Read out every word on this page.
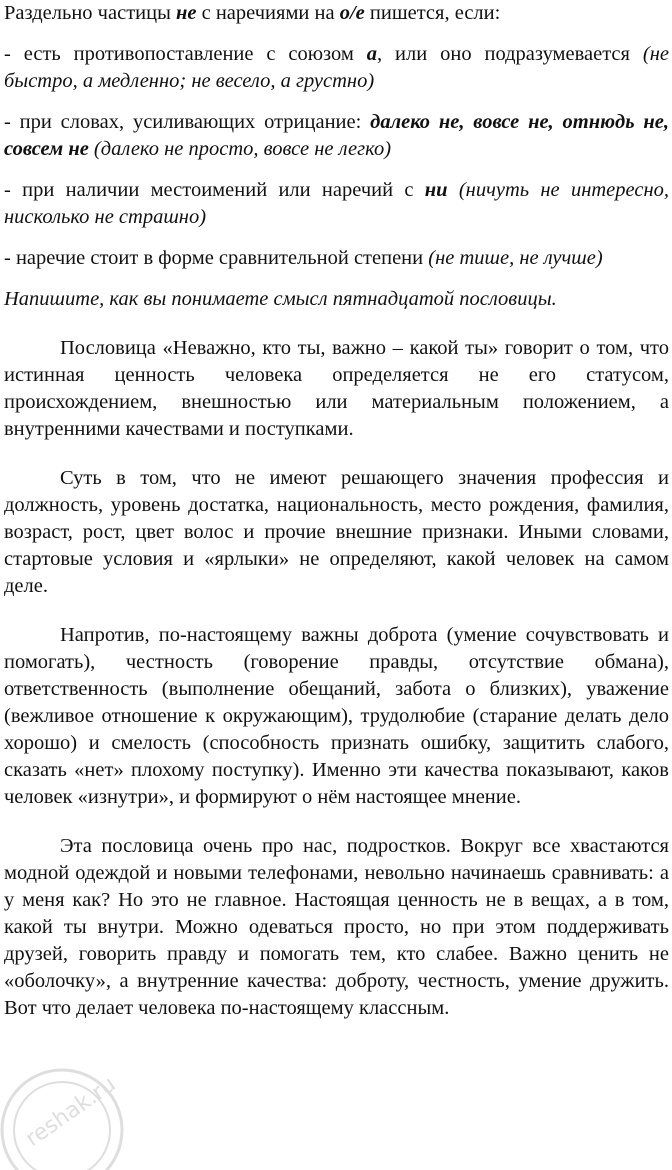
Раздельно частицы не с наречиями на о/е пишется, если:

- есть противопоставление с союзом а, или оно подразумевается (не быстро, а медленно; не весело, а грустно)

- при словах, усиливающих отрицание: далеко не, вовсе не, отнюдь не, совсем не (далеко не просто, вовсе не легко)

- при наличии местоимений или наречий с ни (ничуть не интересно, нисколько не страшно)

- наречие стоит в форме сравнительной степени (не тише, не лучше)

Напишите, как вы понимаете смысл пятнадцатой пословицы.

Пословица «Неважно, кто ты, важно – какой ты» говорит о том, что истинная ценность человека определяется не его статусом, происхождением, внешностью или материальным положением, а внутренними качествами и поступками.

Суть в том, что не имеют решающего значения профессия и должность, уровень достатка, национальность, место рождения, фамилия, возраст, рост, цвет волос и прочие внешние признаки. Иными словами, стартовые условия и «ярлыки» не определяют, какой человек на самом деле.

Напротив, по-настоящему важны доброта (умение сочувствовать и помогать), честность (говорение правды, отсутствие обмана), ответственность (выполнение обещаний, забота о близких), уважение (вежливое отношение к окружающим), трудолюбие (старание делать дело хорошо) и смелость (способность признать ошибку, защитить слабого, сказать «нет» плохому поступку). Именно эти качества показывают, каков человек «изнутри», и формируют о нём настоящее мнение.

Эта пословица очень про нас, подростков. Вокруг все хвастаются модной одеждой и новыми телефонами, невольно начинаешь сравнивать: а у меня как? Но это не главное. Настоящая ценность не в вещах, а в том, какой ты внутри. Можно одеваться просто, но при этом поддерживать друзей, говорить правду и помогать тем, кто слабее. Важно ценить не «оболочку», а внутренние качества: доброту, честность, умение дружить. Вот что делает человека по-настоящему классным.

reshak.ru
